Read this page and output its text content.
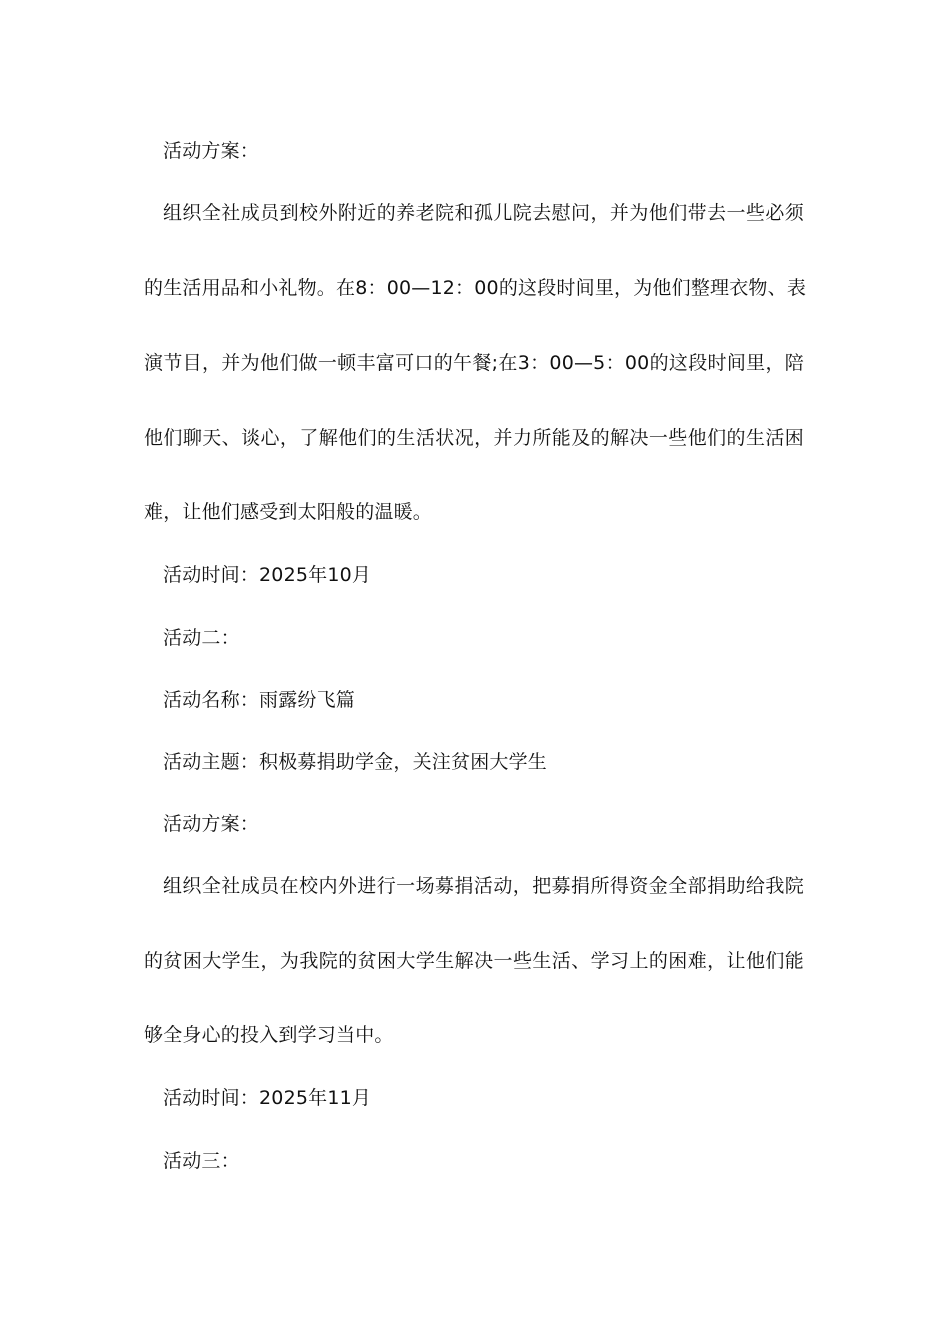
活动方案：
组织全社成员到校外附近的养老院和孤儿院去慰问，并为他们带去一些必须
的生活用品和小礼物。在8：00—12：00的这段时间里，为他们整理衣物、表
演节目，并为他们做一顿丰富可口的午餐;在3：00—5：00的这段时间里，陪
他们聊天、谈心，了解他们的生活状况，并力所能及的解决一些他们的生活困
难，让他们感受到太阳般的温暖。
活动时间：2025年10月
活动二：
活动名称：雨露纷飞篇
活动主题：积极募捐助学金，关注贫困大学生
活动方案：
组织全社成员在校内外进行一场募捐活动，把募捐所得资金全部捐助给我院
的贫困大学生，为我院的贫困大学生解决一些生活、学习上的困难，让他们能
够全身心的投入到学习当中。
活动时间：2025年11月
活动三：
